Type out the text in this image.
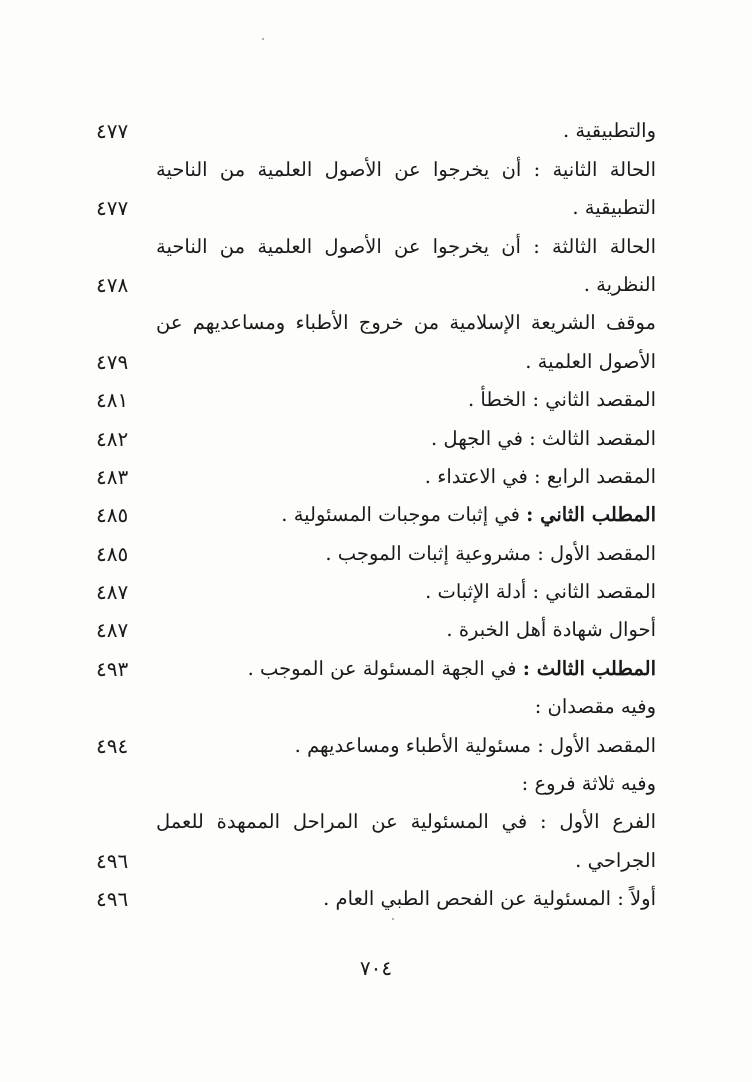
والتطبيقية .
٤٧٧
الحالة الثانية : أن يخرجوا عن الأصول العلمية من الناحية
التطبيقية .
٤٧٧
الحالة الثالثة : أن يخرجوا عن الأصول العلمية من الناحية
النظرية .
٤٧٨
موقف الشريعة الإسلامية من خروج الأطباء ومساعديهم عن
الأصول العلمية .
٤٧٩
المقصد الثاني : الخطأ .
٤٨١
المقصد الثالث : في الجهل .
٤٨٢
المقصد الرابع : في الاعتداء .
٤٨٣
المطلب الثاني : في إثبات موجبات المسئولية .
٤٨٥
المقصد الأول : مشروعية إثبات الموجب .
٤٨٥
المقصد الثاني : أدلة الإثبات .
٤٨٧
أحوال شهادة أهل الخبرة .
٤٨٧
المطلب الثالث : في الجهة المسئولة عن الموجب .
٤٩٣
وفيه مقصدان :
المقصد الأول : مسئولية الأطباء ومساعديهم .
٤٩٤
وفيه ثلاثة فروع :
الفرع الأول : في المسئولية عن المراحل الممهدة للعمل
الجراحي .
٤٩٦
أولاً : المسئولية عن الفحص الطبي العام .
٤٩٦
٧٠٤
